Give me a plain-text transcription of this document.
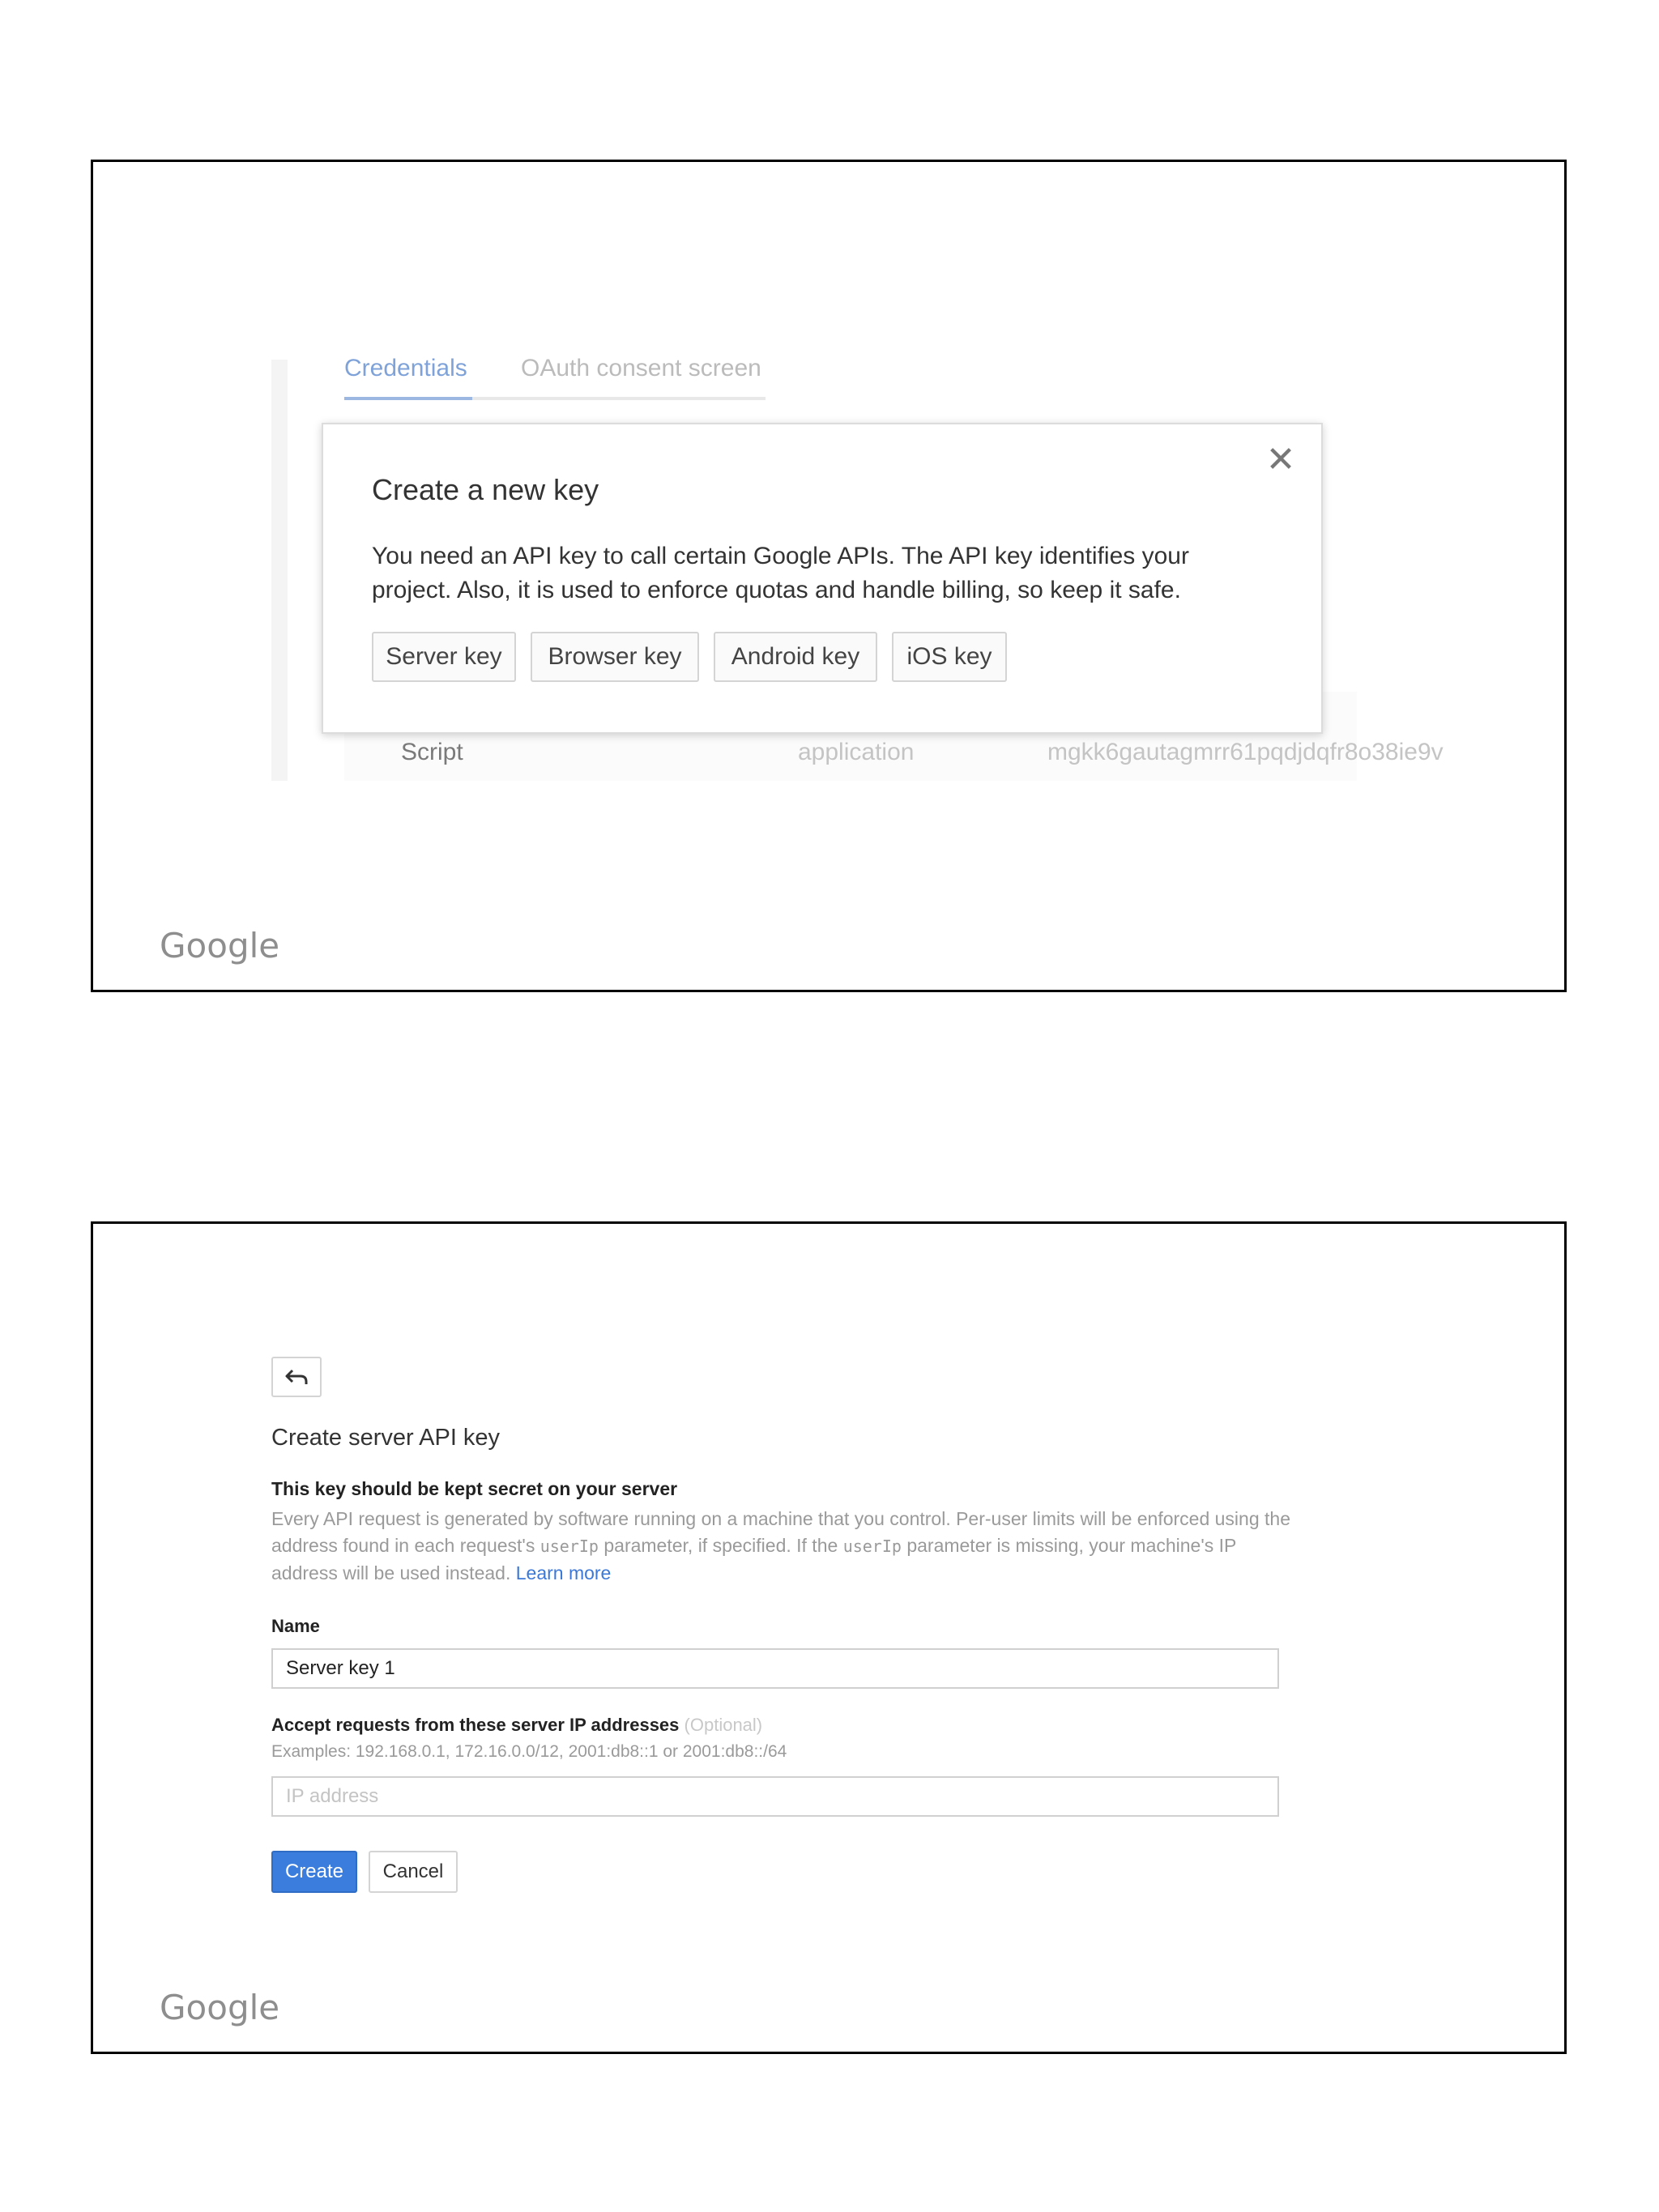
Credentials OAuth consent screen
Script	application	mgkk6gautagmrr61pqdjdqfr8o38ie9v
✕
Create a new key
You need an API key to call certain Google APIs. The API key identifies your project. Also, it is used to enforce quotas and handle billing, so keep it safe.
Server key	Browser key	Android key	iOS key
Google
Create server API key
This key should be kept secret on your server
Every API request is generated by software running on a machine that you control. Per-user limits will be enforced using the address found in each request's userIp parameter, if specified. If the userIp parameter is missing, your machine's IP address will be used instead. Learn more
Name
Server key 1
Accept requests from these server IP addresses (Optional)
Examples: 192.168.0.1, 172.16.0.0/12, 2001:db8::1 or 2001:db8::/64
IP address
Create	Cancel
Google
